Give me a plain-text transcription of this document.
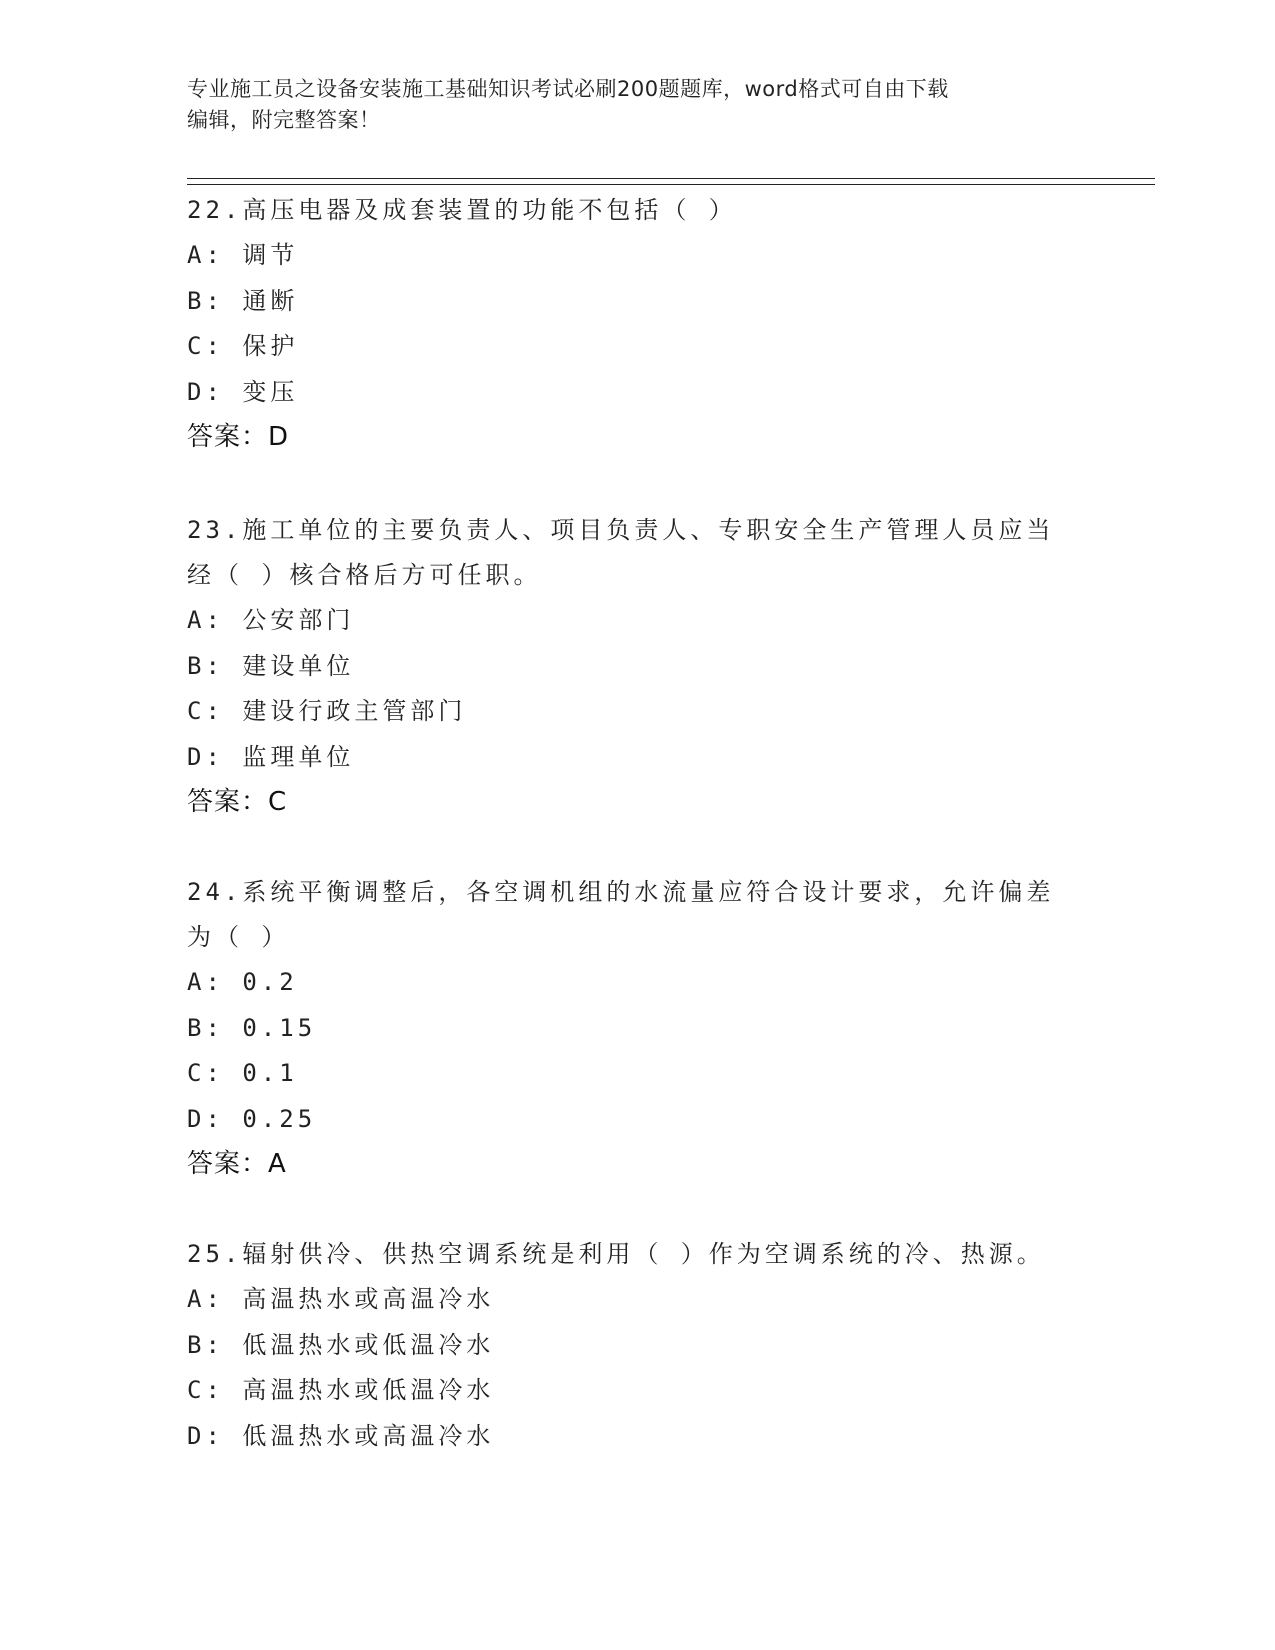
专业施工员之设备安装施工基础知识考试必刷200题题库，word格式可自由下载
编辑，附完整答案！

22.高压电器及成套装置的功能不包括（ ）

A: 调节

B: 通断

C: 保护

D: 变压

答案：D

23.施工单位的主要负责人、项目负责人、专职安全生产管理人员应当

经（ ）核合格后方可任职。

A: 公安部门

B: 建设单位

C: 建设行政主管部门

D: 监理单位

答案：C

24.系统平衡调整后，各空调机组的水流量应符合设计要求，允许偏差

为（ ）

A: 0.2

B: 0.15

C: 0.1

D: 0.25

答案：A

25.辐射供冷、供热空调系统是利用（ ）作为空调系统的冷、热源。

A: 高温热水或高温冷水

B: 低温热水或低温冷水

C: 高温热水或低温冷水

D: 低温热水或高温冷水
